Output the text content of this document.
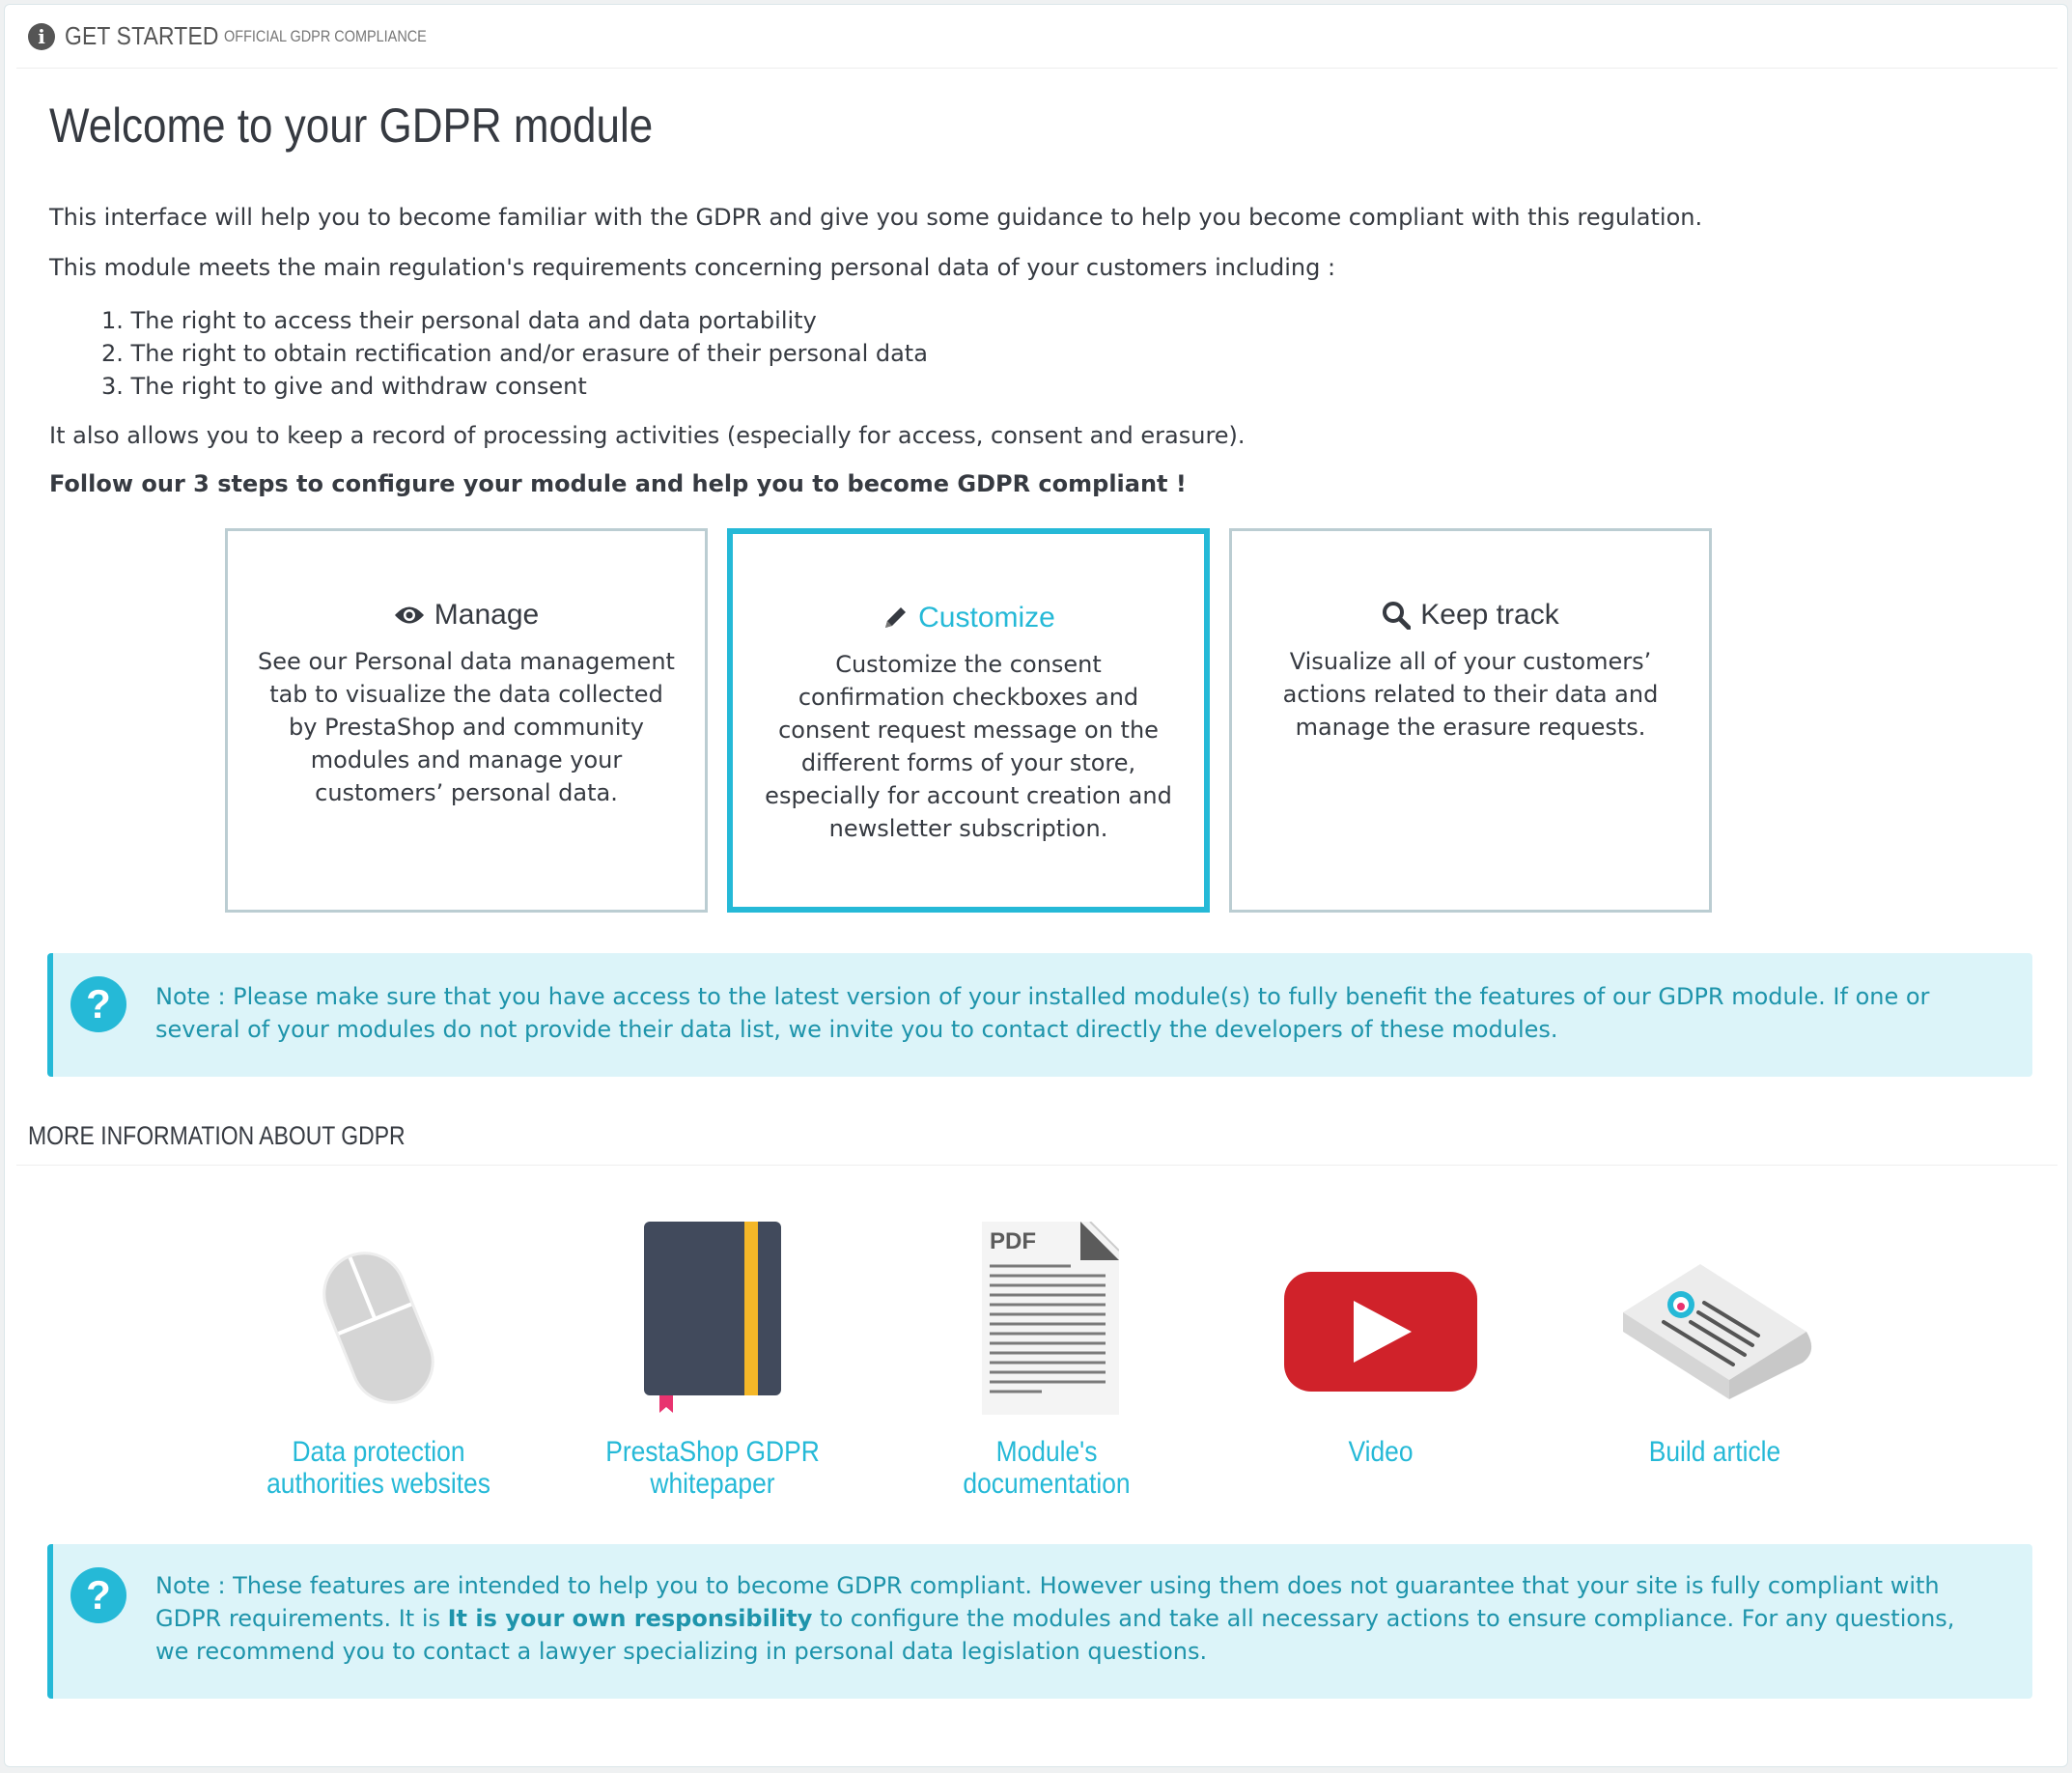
i GET STARTED OFFICIAL GDPR COMPLIANCE
Welcome to your GDPR module

This interface will help you to become familiar with the GDPR and give you some guidance to help you become compliant with this regulation.

This module meets the main regulation's requirements concerning personal data of your customers including :

1. The right to access their personal data and data portability
2. The right to obtain rectification and/or erasure of their personal data
3. The right to give and withdraw consent

It also allows you to keep a record of processing activities (especially for access, consent and erasure).

Follow our 3 steps to configure your module and help you to become GDPR compliant !

Manage
See our Personal data management tab to visualize the data collected by PrestaShop and community modules and manage your customers’ personal data.
Customize
Customize the consent confirmation checkboxes and consent request message on the different forms of your store, especially for account creation and newsletter subscription.
Keep track
Visualize all of your customers’ actions related to their data and manage the erasure requests.
?	Note : Please make sure that you have access to the latest version of your installed module(s) to fully benefit the features of our GDPR module. If one or several of your modules do not provide their data list, we invite you to contact directly the developers of these modules.
MORE INFORMATION ABOUT GDPR
Data protection authorities websites
PrestaShop GDPR whitepaper
PDF
Module's documentation
Video	Build article
?	Note : These features are intended to help you to become GDPR compliant. However using them does not guarantee that your site is fully compliant with GDPR requirements. It is It is your own responsibility to configure the modules and take all necessary actions to ensure compliance. For any questions, we recommend you to contact a lawyer specializing in personal data legislation questions.
